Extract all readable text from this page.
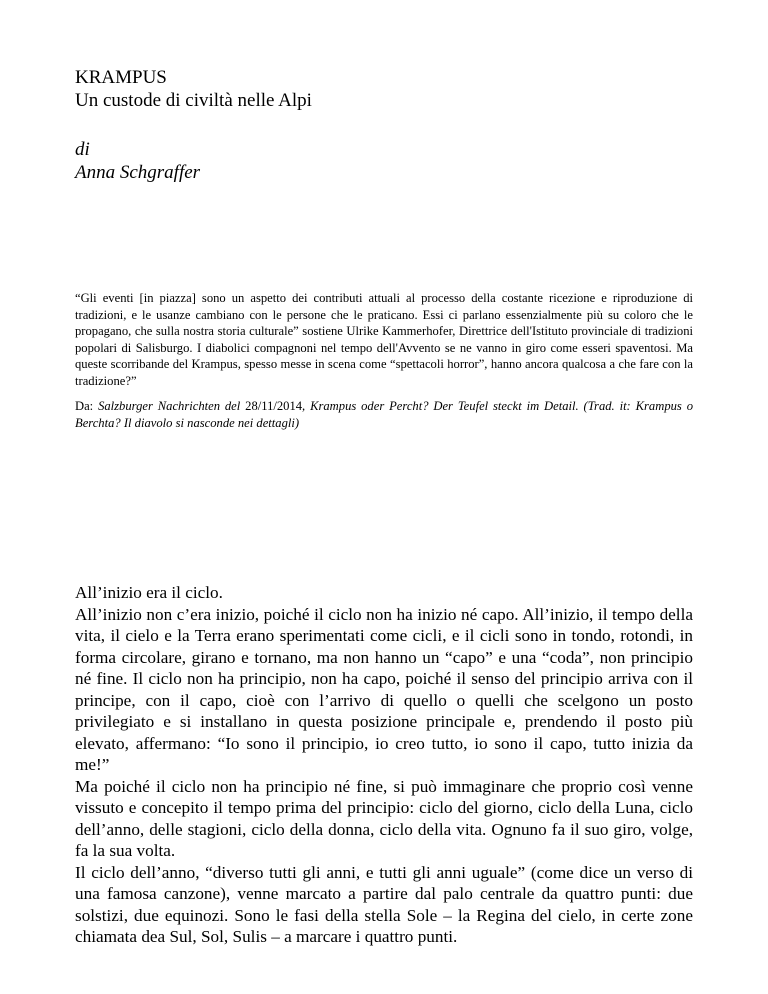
KRAMPUS
Un custode di civiltà nelle Alpi
di
Anna Schgraffer
“Gli eventi [in piazza] sono un aspetto dei contributi attuali al processo della costante ricezione e riproduzione di tradizioni, e le usanze cambiano con le persone che le praticano. Essi ci parlano essenzialmente più su coloro che le propagano, che sulla nostra storia culturale” sostiene Ulrike Kammerhofer, Direttrice dell'Istituto provinciale di tradizioni popolari di Salisburgo. I diabolici compagnoni nel tempo dell'Avvento se ne vanno in giro come esseri spaventosi. Ma queste scorribande del Krampus, spesso messe in scena come “spettacoli horror”, hanno ancora qualcosa a che fare con la tradizione?”
Da: Salzburger Nachrichten del 28/11/2014, Krampus oder Percht? Der Teufel steckt im Detail. (Trad. it: Krampus o Berchta? Il diavolo si nasconde nei dettagli)

All’inizio era il ciclo.

All’inizio non c’era inizio, poiché il ciclo non ha inizio né capo. All’inizio, il tempo della vita, il cielo e la Terra erano sperimentati come cicli, e il cicli sono in tondo, rotondi, in forma circolare, girano e tornano, ma non hanno un “capo” e una “coda”, non principio né fine. Il ciclo non ha principio, non ha capo, poiché il senso del principio arriva con il principe, con il capo, cioè con l’arrivo di quello o quelli che scelgono un posto privilegiato e si installano in questa posizione principale e, prendendo il posto più elevato, affermano: “Io sono il principio, io creo tutto, io sono il capo, tutto inizia da me!”

Ma poiché il ciclo non ha principio né fine, si può immaginare che proprio così venne vissuto e concepito il tempo prima del principio: ciclo del giorno, ciclo della Luna, ciclo dell’anno, delle stagioni, ciclo della donna, ciclo della vita. Ognuno fa il suo giro, volge, fa la sua volta.

Il ciclo dell’anno, “diverso tutti gli anni, e tutti gli anni uguale” (come dice un verso di una famosa canzone), venne marcato a partire dal palo centrale da quattro punti: due solstizi, due equinozi. Sono le fasi della stella Sole – la Regina del cielo, in certe zone chiamata dea Sul, Sol, Sulis – a marcare i quattro punti.
